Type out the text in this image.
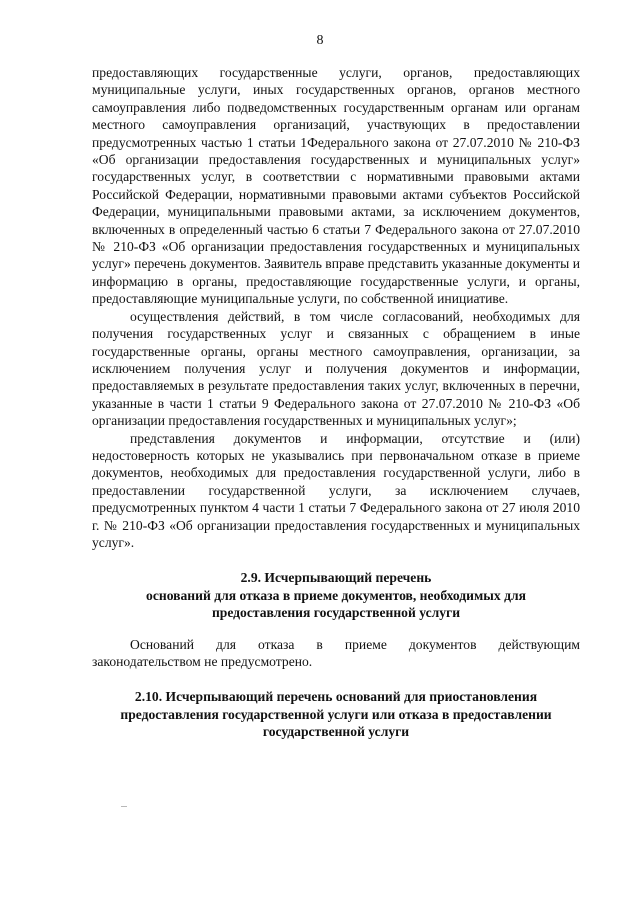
8

предоставляющих государственные услуги, органов, предоставляющих муниципальные услуги, иных государственных органов, органов местного самоуправления либо подведомственных государственным органам или органам местного самоуправления организаций, участвующих в предоставлении предусмотренных частью 1 статьи 1Федерального закона от 27.07.2010 № 210-ФЗ «Об организации предоставления государственных и муниципальных услуг» государственных услуг, в соответствии с нормативными правовыми актами Российской Федерации, нормативными правовыми актами субъектов Российской Федерации, муниципальными правовыми актами, за исключением документов, включенных в определенный частью 6 статьи 7 Федерального закона от 27.07.2010 № 210-ФЗ «Об организации предоставления государственных и муниципальных услуг» перечень документов. Заявитель вправе представить указанные документы и информацию в органы, предоставляющие государственные услуги, и органы, предоставляющие муниципальные услуги, по собственной инициативе.

осуществления действий, в том числе согласований, необходимых для получения государственных услуг и связанных с обращением в иные государственные органы, органы местного самоуправления, организации, за исключением получения услуг и получения документов и информации, предоставляемых в результате предоставления таких услуг, включенных в перечни, указанные в части 1 статьи 9 Федерального закона от 27.07.2010 № 210-ФЗ «Об организации предоставления государственных и муниципальных услуг»;

представления документов и информации, отсутствие и (или) недостоверность которых не указывались при первоначальном отказе в приеме документов, необходимых для предоставления государственной услуги, либо в предоставлении государственной услуги, за исключением случаев, предусмотренных пунктом 4 части 1 статьи 7 Федерального закона от 27 июля 2010 г. № 210-ФЗ «Об организации предоставления государственных и муниципальных услуг».

2.9. Исчерпывающий перечень
оснований для отказа в приеме документов, необходимых для
предоставления государственной услуги

Оснований для отказа в приеме документов действующим законодательством не предусмотрено.

2.10. Исчерпывающий перечень оснований для приостановления
предоставления государственной услуги или отказа в предоставлении
государственной услуги
